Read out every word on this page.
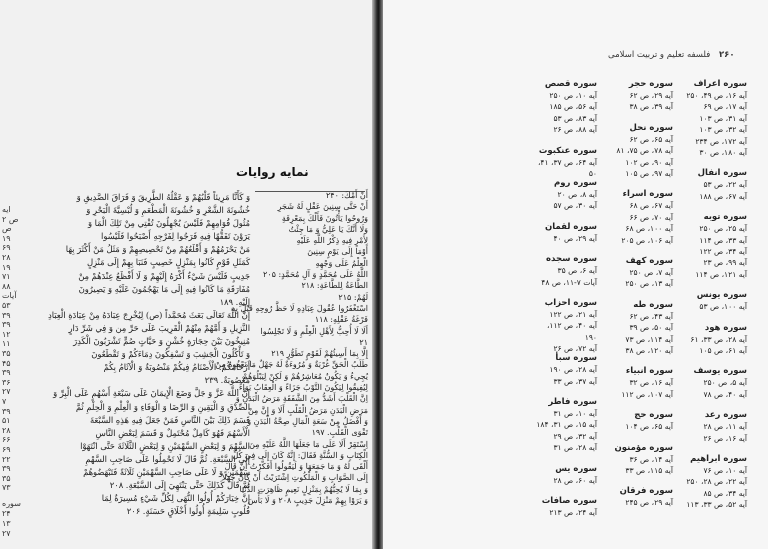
ایه
ص ۲
ص
۱۹
۶۹
۲۸
۱۹
۷۱
۸۸
آیات
۵۳
۳۹
۳۹
۱۲
۱۱
۳۵
۴۵
۳۹
۳۶
۲۷
۷
۳۹
۵۱
۲۸
۶۶
۶۹
۲۲
۳۹
۳۵
۷۳
سوره
۲۴
۱۳
۲۷
نمایه روایات

وَ كَأَنَّا مَرِيئاً قَلْبُهُمْ وَ عَقْلُهُ الطَّرِيقَ وَ فَرَاقَ الصَّدِيقِ وَ

خُشُونَةَ الشَّعْرِ وَ خُشُونَةَ الْمَطْعَمِ وَ لُبْسِيَّةَ الْبَحْرِ وَ

مُثُولَ قُوَامِهِمْ فَلَيْسَ يُجْهِلُونَ تُفْتِي مِنْ تَلِكَ الْمَا وَ

يَرَوْنَ تَفَقُّهًا فِيهِ فَرَجُوا لِفَرْجِهِ أَصْبَحُوا فَلَيْسُوا

مَنْ يَحْزَمُهُمْ وَ أَقْلَعُهُمْ مِنْ تَحْصِيصِهِمْ وَ مَثَلُ مَنْ أَكْثَرَ بِهَا

كَمَثَلِ قَوْمٍ كَانُوا بِمَنْزِلٍ خَصِيبٍ فَنَبَا بِهِمْ إِلَى مَنْزِلٍ

جَدِيبٍ فَلَيْسَ شَيْءٌ أَكْرَهُ إِلَيْهِمْ وَ لَا أَفْظَعُ عِنْدَهُمْ مِنْ

مُفَارَقَةِ مَا كَانُوا فِيهِ إِلَى مَا يَهْجُمُونَ عَلَيْهِ وَ يَصِيرُونَ

إِلَيْهِ. ۱۸۹

إِنَّ اللَّهَ تَعَالَى بَعَثَ مُحَمَّداً (ص) لِيُخْرِجَ عِبَادَهُ مِنْ عِبَادَةِ الْعِبَادِ

النَّزِيلِ وَ أَمَّهُمْ مِنْهُمْ الْقَرِيبَ عَلَى حَرِّ مِن وَ فِي شَرِّ دَارٍ

مُنِيخُونَ بَيْنَ حِجَارَةٍ خُشْنٍ وَ حَيَّاتٍ صُمٍّ تَشْرَبُونَ الْكَدِرَ

وَ تَأْكُلُونَ الْجَشِبَ وَ تَسْفِكُونَ دِمَاءَكُمْ وَ تَقْطَعُونَ

أَرْحَامَكُمْ. الْأَصْنَامُ فِيكُمْ مَنْصُوبَةٌ وَ الْآثَامُ بِكُمْ

مَعْصُوبَةٌ. ۲۳۹

إِنَّ اللَّهَ عَزَّ وَ جَلَّ وَضَعَ الْإِيمَانَ عَلَى سَبْعَةِ أَسْهُمٍ عَلَى الْبِرِّ وَ

الصِّدْقِ وَ الْيَقِينِ وَ الرِّضَا وَ الْوَفَاءِ وَ الْعِلْمِ وَ الْحِلْمِ ثُمَّ

قَسَمَ ذَلِكَ بَيْنَ النَّاسِ فَمَنْ جَعَلَ فِيهِ هَذِهِ السَّبْعَةَ

الْأَسْهُمَ فَهُوَ كَامِلٌ مُحْتَمِلٌ وَ قَسَمَ لِبَعْضِ النَّاسِ

السَّهْمَ وَ لِبَعْضٍ السَّهْمَيْنِ وَ لِبَعْضٍ الثَّلَاثَةَ حَتَّى انْتَهَوْا

إِلَى السَّبْعَةِ. ثُمَّ قَالَ لَا تَحْمِلُوا عَلَى صَاحِبِ السَّهْمِ

سَهْمَيْنِ وَ لَا عَلَى صَاحِبِ السَّهْمَيْنِ ثَلَاثَةً فَتَبْهَضُوهُمْ

ثُمَّ قَالَ كَذَلِكَ حَتَّى يَنْتَهِيَ إِلَى السَّبْعَةِ. ۲۰۸

إِنَّ خِيَارَكُمْ أُولُوا النُّهَى لِكُلِّ شَيْءٍ مُسِيرَةٌ لِمَا

قُلُوبٍ سَلِيمَةٍ أُولُوا أَخْلَاقٍ حَسَنَةٍ. ۲۰۶

أَنْ أَمْكَ: ۲۴۰

أَنْ حَتَّى سِنِينَ عَقْلٍ لَهُ شَجَرِ

وَرُوحُوا يَأْتُونَ فَأَلْكَ بِمَعْرِفَةِ

وَلَا أَنَّكَ يَا عَلِيُّ وَ مَا جِئْتُ

لِأَمْرٍ فِيهِ ذِكْرُ اللَّهِ عَلَيْهِ

أَوْمَا إِلَى يَوْمٍ سِنِينَ

الْعِلْمُ عَلَى وَجْهِهِ

اللَّهُ عَلَى مُحَمَّدٍ وَ آلِ مُحَمَّدٍ: ۲۰۵

الطَّاعَةُ لِلطَّاعَةِ: ۲۱۸

لَهُمْ: ۲۱۵

اسْتَغْفَرُوا عُقُولَ عِبَادِهِ لَا حَظَّ رُوحِهِ قَبْلَ بِهِ

فَرْغَةُ عَقْلِهِ: ۱۱۸

أَلَا لَا أُحِبُّ لِأَهْلِ الْعِلْمِ وَ لَا تَجْلِسُوا

۲۱

إِلَّا بِمَا أَسِيئُهُمْ لَقَوْمٍ تَطَوُّرٍ ۲۱۹

طَلَبُ الْحَقِّ غُرْبَةٌ وَ مُرُوءَةٌ لَهُ جَهْلٌ مَا نَعْفُوهُ مِنْ

يُجِيءُ وَ يَكُونُ مُعَاشِرُهُمْ وَ لَكِنْ لِيَبْلُوَهُمْ

لِيُفِيقُوا لِيَكُونَ التَّوْبُ جَزَاءً وَ الْعِقَابُ بَوَاءً.

اِنَّ الْقَلْبَ أَشَدُّ مِنَ الشَّفَقَةِ مَرَضُ الْبَدَنِ وَ

مَرَضِ الْبَدَنِ مَرَضُ الْقَلْبِ أَلَا وَ إِنَّ مِنْ

وَ أَفْضَلُ مِنْ سَعَةِ الْمَالِ صِحَّةُ الْبَدَنِ وَ

تَقْوَى الْقَلْبِ. ۱۹۷

اِسْتَقِرْ أَلَا عَلَى مَا جَعَلَهَا اللَّهُ عَلَيْهِ مِنَ

الْكِتَابِ وَ السُّنَّةِ فَقَالَ: إِنَّهُ كَانَ إِلَى فِي كُلِّ

أَلْقَى لَهُ وَ مَا جَمَعَهَا وَ لَيَقُولُوا أَفَكَّرْتُ أَنَّ قَالَ

إِلَى الصَّوَابِ وَ الْمَلْكُوتِ اِشْتَرَيْتُ أَنْ كَانَ جَهَلًا

وَ بِمَا لَا يُحِبُّهُمْ بِمَنْزِلٍ نَعِيمٍ ظَاهِرَتِ الدُّنْيَا

وَ يَرَوْا بِهِمْ مَنْزِلَ جَدِيبٍ ۲۰۸ وَ لَا بَأْسَ

۲۶۰ فلسفه تعلیم و تربیت اسلامی
سوره اعراف
آیه ۱۶، ص ۴۹، ۲۵۰
آیه ۱۷، ص ۶۹
آیه ۳۱، ص ۱۰۳
آیه ۳۲، ص ۱۰۳
آیه ۱۷۲، ص ۲۳۴
آیه ۱۸۰، ص ۳۰
سوره انفال
آیه ۲۲، ص ۵۳
آیه ۶۷، ص ۱۸۸
سوره توبه
آیه ۲۵، ص ۲۵۰
آیه ۳۳، ص ۱۱۴
آیه ۳۴، ص ۱۲۲
آیه ۹۹، ص ۲۳
آیه ۱۲۱، ص ۱۱۴
سوره یونس
آیه ۱۰۰، ص ۵۳
سوره هود
آیه ۲۸، ص ۳۳، ۶۱
آیه ۶۱، ص ۱۰۵
سوره یوسف
آیه ۵، ص ۲۵۰
آیه ۴۰، ص ۷۸
سوره رعد
آیه ۱۱، ص ۲۸
آیه ۱۶، ص ۲۶
سوره ابراهیم
آیه ۱۰، ص ۷۶
آیه ۲۲، ص ۲۸، ۲۵۰
آیه ۳۴، ص ۸۵
آیه ۵۲، ص ۳۳، ۱۱۳
سوره حجر
آیه ۲۹، ص ۶۲
آیه ۳۹، ص ۳۸
سوره نحل
آیه ۶۵، ص ۶۲
آیه ۷۸، ص ۷۵، ۸۱
آیه ۹۰، ص ۱۰۲
آیه ۹۷، ص ۱۰۵
سوره اسراء
آیه ۶۷، ص ۶۸
آیه ۷۰، ص ۶۶
آیه ۱۰۰، ص ۶۸
آیه ۱۰۶، ص ۲۰۵
سوره کهف
آیه ۷، ص ۲۵۰
آیه ۱۳، ص ۲۵۰
سوره طه
آیه ۴۳، ص ۶۲
آیه ۵۰، ص ۳۹
آیه ۱۱۴، ص ۷۳
آیه ۱۲۰، ص ۳۸
سوره انبیاء
آیه ۱۶، ص ۳۲
آیه ۱۰۷، ص ۱۱۲
سوره حج
آیه ۶۵، ص ۱۰۴
سوره مؤمنون
آیه ۱۴، ص ۳۶
آیه ۱۱۵، ص ۳۳
سوره فرقان
آیه ۲۹، ص ۲۴۵
سوره قصص
آیه ۱۰، ص ۲۵۰
آیه ۵۶، ص ۱۸۵
آیه ۸۳، ص ۵۳
آیه ۸۸، ص ۲۶
سوره عنکبوت
آیه ۶۴، ص ۳۷، ۴۱، ۵۰
سوره روم
آیه ۸، ص ۲۰
آیه ۳۰، ص ۵۷
سوره لقمان
آیه ۲۹، ص ۴۰
سوره سجده
آیه ۶، ص ۳۵
آیات ۷-۱۱، ص ۴۸
سوره احزاب
آیه ۲۱، ص ۱۲۲
آیه ۴۰، ص ۱۱۲، ۱۹۰
آیه ۷۲، ص ۲۶
سوره سبأ
آیه ۲۸، ص ۱۹۰
آیه ۳۷، ص ۳۳
سوره فاطر
آیه ۱۰، ص ۳۱
آیه ۱۵، ص ۳۱، ۱۸۴
آیه ۳۲، ص ۲۹
آیه ۲۸، ص ۳۱
سوره یس
آیه ۶۰، ص ۲۸
سوره صافات
آیه ۲۴، ص ۲۱۳
